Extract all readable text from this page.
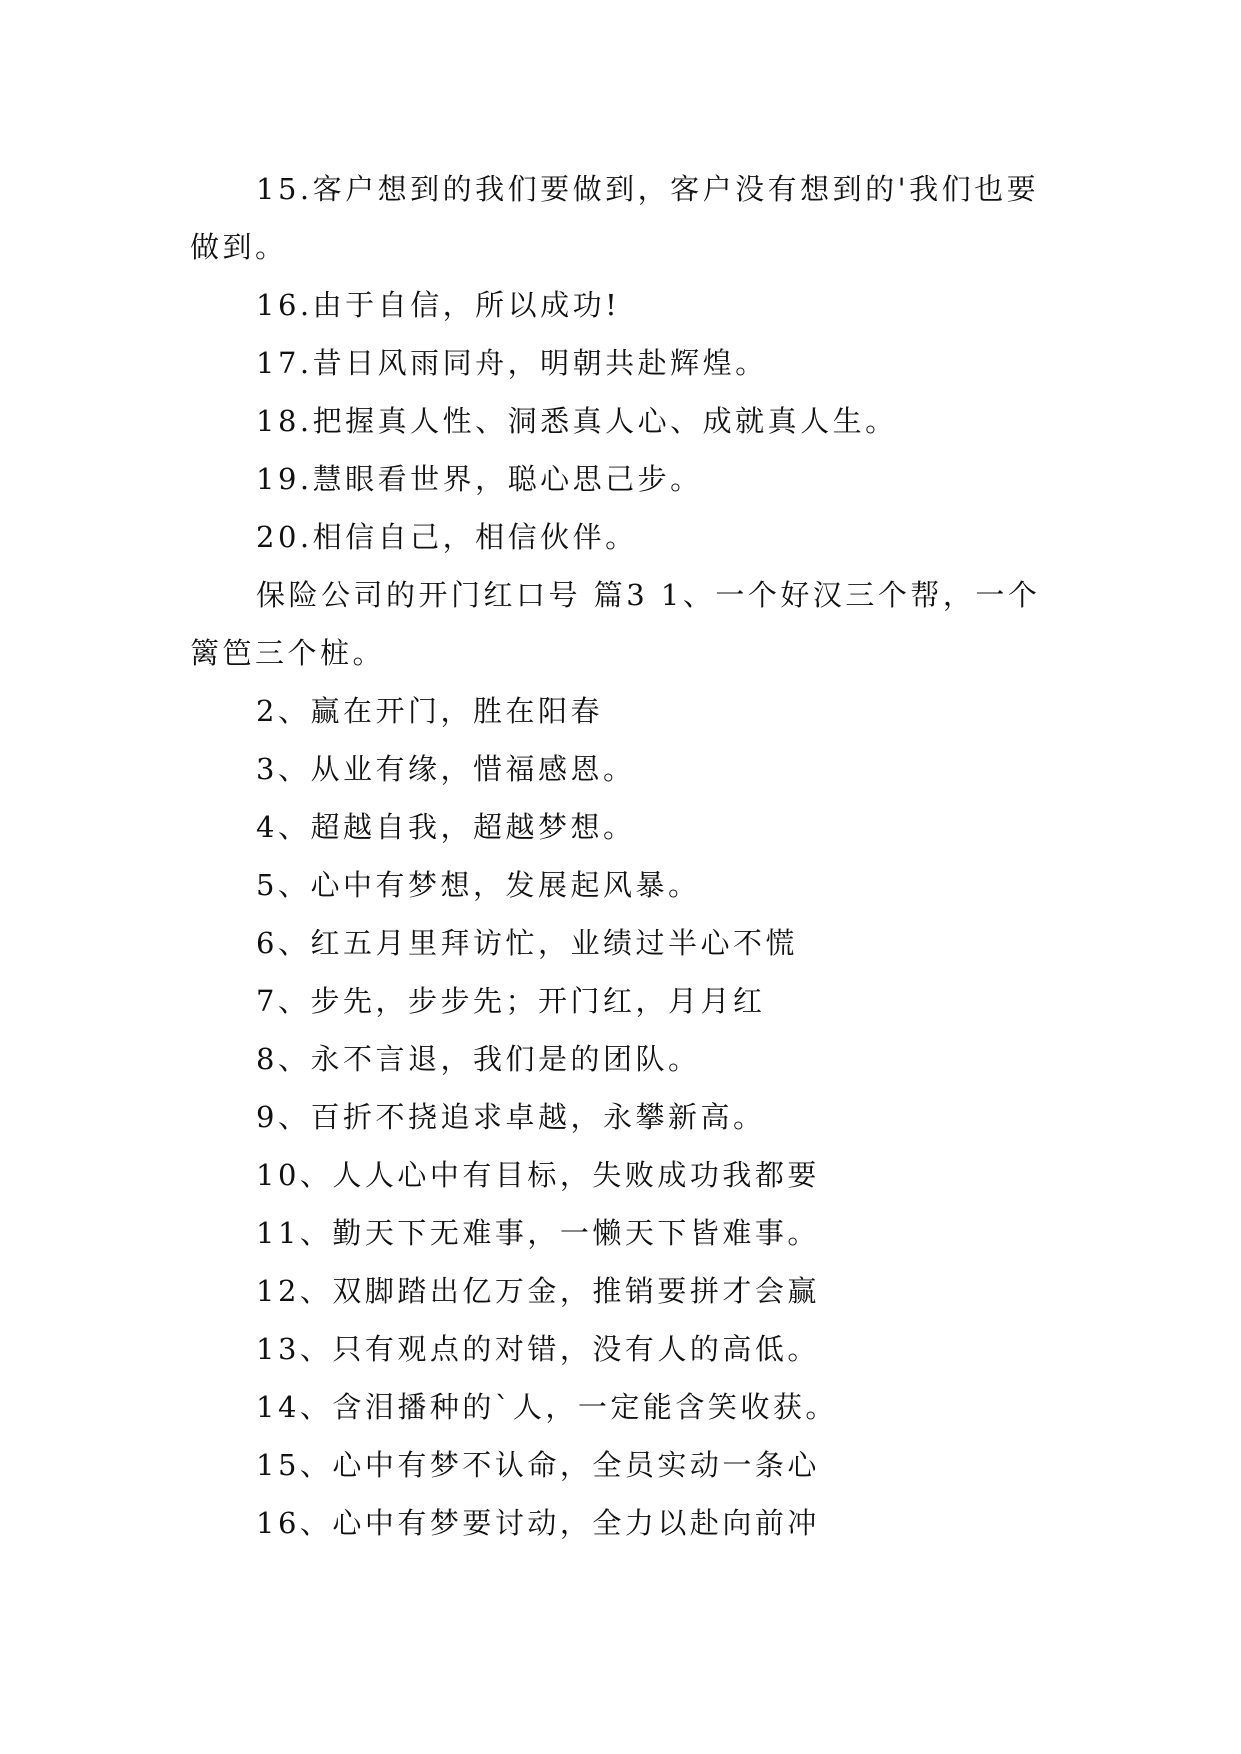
15.客户想到的我们要做到，客户没有想到的'我们也要做到。

16.由于自信，所以成功!

17.昔日风雨同舟，明朝共赴辉煌。

18.把握真人性、洞悉真人心、成就真人生。

19.慧眼看世界，聪心思己步。

20.相信自己，相信伙伴。

保险公司的开门红口号 篇3 1、一个好汉三个帮，一个篱笆三个桩。

2、赢在开门，胜在阳春

3、从业有缘，惜福感恩。

4、超越自我，超越梦想。

5、心中有梦想，发展起风暴。

6、红五月里拜访忙，业绩过半心不慌

7、步先，步步先；开门红，月月红

8、永不言退，我们是的团队。

9、百折不挠追求卓越，永攀新高。

10、人人心中有目标，失败成功我都要

11、勤天下无难事，一懒天下皆难事。

12、双脚踏出亿万金，推销要拼才会赢

13、只有观点的对错，没有人的高低。

14、含泪播种的`人，一定能含笑收获。

15、心中有梦不认命，全员实动一条心

16、心中有梦要讨动，全力以赴向前冲
